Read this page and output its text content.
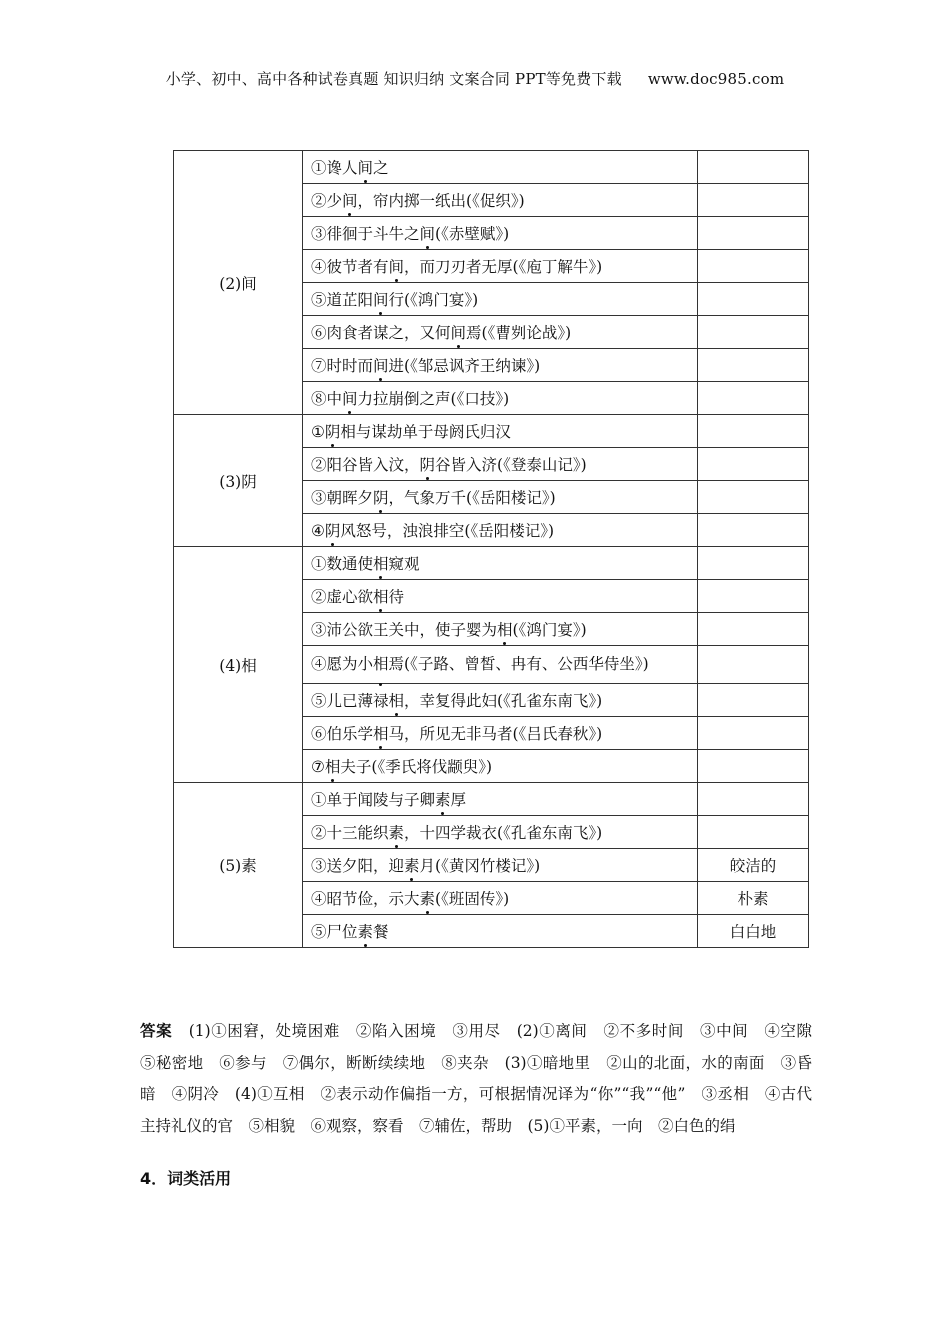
小学、初中、高中各种试卷真题 知识归纳 文案合同 PPT等免费下载 www.doc985.com
(2)间	①谗人间之	
	②少间，帘内掷一纸出(《促织》)	
	③徘徊于斗牛之间(《赤壁赋》)	
	④彼节者有间，而刀刃者无厚(《庖丁解牛》)	
	⑤道芷阳间行(《鸿门宴》)	
	⑥肉食者谋之，又何间焉(《曹刿论战》)	
	⑦时时而间进(《邹忌讽齐王纳谏》)	
	⑧中间力拉崩倒之声(《口技》)	
(3)阴	①阴相与谋劫单于母阏氏归汉	
	②阳谷皆入汶，阴谷皆入济(《登泰山记》)	
	③朝晖夕阴，气象万千(《岳阳楼记》)	
	④阴风怒号，浊浪排空(《岳阳楼记》)	
(4)相	①数通使相窥观	
	②虚心欲相待	
	③沛公欲王关中，使子婴为相(《鸿门宴》)	
	④愿为小相焉(《子路、曾皙、冉有、公西华侍坐》)	
	⑤儿已薄禄相，幸复得此妇(《孔雀东南飞》)	
	⑥伯乐学相马，所见无非马者(《吕氏春秋》)	
	⑦相夫子(《季氏将伐颛臾》)	
(5)素	①单于闻陵与子卿素厚	
	②十三能织素，十四学裁衣(《孔雀东南飞》)	
	③送夕阳，迎素月(《黄冈竹楼记》)	皎洁的
	④昭节俭，示大素(《班固传》)	朴素
	⑤尸位素餐	白白地
答案 (1)①困窘，处境困难　②陷入困境　③用尽　(2)①离间　②不多时间　③中间　④空隙　⑤秘密地　⑥参与　⑦偶尔，断断续续地　⑧夹杂　(3)①暗地里　②山的北面，水的南面　③昏暗　④阴冷　(4)①互相　②表示动作偏指一方，可根据情况译为“你”“我”“他”　③丞相　④古代主持礼仪的官　⑤相貌　⑥观察，察看　⑦辅佐，帮助　(5)①平素，一向　②白色的绢
4．词类活用
